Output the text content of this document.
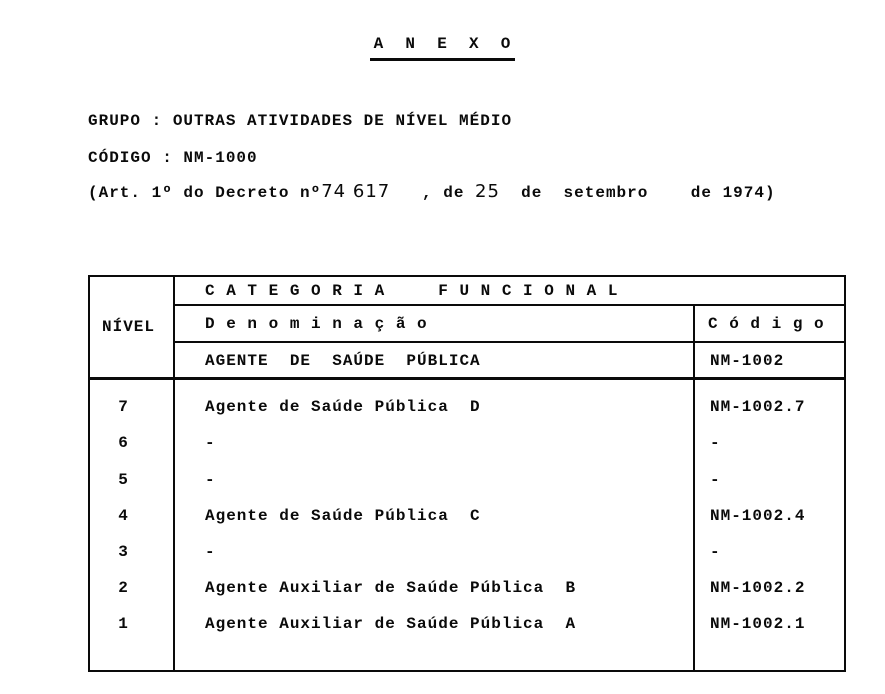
A  N  E  X  O
GRUPO : OUTRAS ATIVIDADES DE NÍVEL MÉDIO
CÓDIGO : NM-1000
(Art. 1º do Decreto nº74 617   , de 25  de  setembro    de 1974)
NÍVEL
C A T E G O R I A     F U N C I O N A L
D e n o m i n a ç ã o	C ó d i g o
AGENTE  DE  SAÚDE  PÚBLICA	NM-1002
7	Agente de Saúde Pública  D	NM-1002.7
6	-	-
5	-	-
4	Agente de Saúde Pública  C	NM-1002.4
3	-	-
2	Agente Auxiliar de Saúde Pública  B	NM-1002.2
1	Agente Auxiliar de Saúde Pública  A	NM-1002.1
